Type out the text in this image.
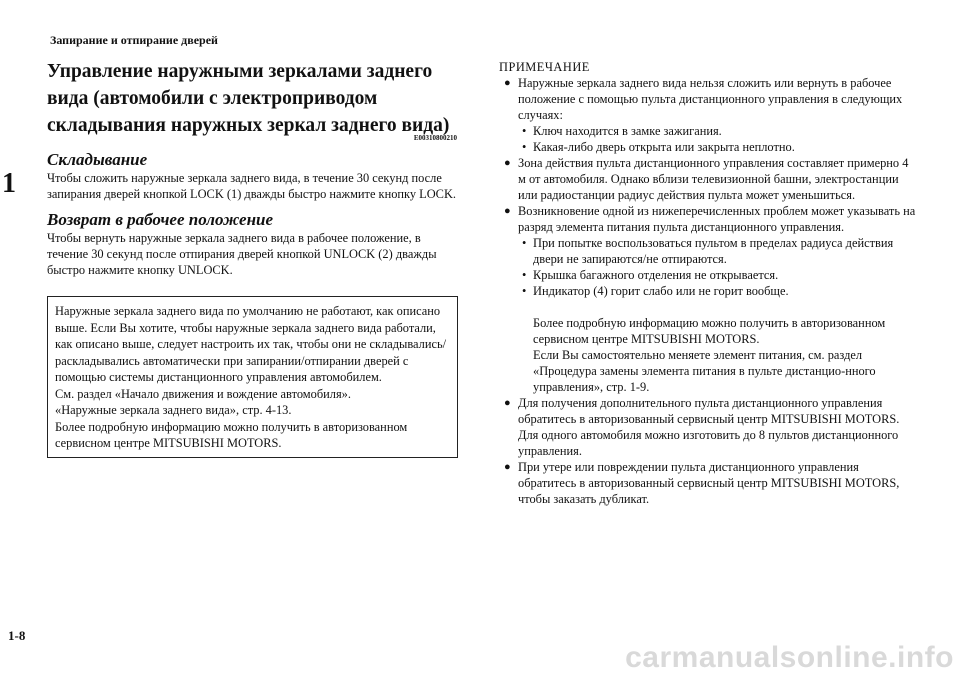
Запирание и отпирание дверей
1
1-8
Управление наружными зеркалами заднего вида (автомобили с электроприводом складывания наружных зеркал заднего вида)
E00310800210
Складывание
Чтобы сложить наружные зеркала заднего вида, в течение 30 секунд после запирания дверей кнопкой LOCK (1) дважды быстро нажмите кнопку LOCK.
Возврат в рабочее положение
Чтобы вернуть наружные зеркала заднего вида в рабочее положение, в течение 30 секунд после отпирания дверей кнопкой UNLOCK (2) дважды быстро нажмите кнопку UNLOCK.
Наружные зеркала заднего вида по умолчанию не работают, как описано выше. Если Вы хотите, чтобы наружные зеркала заднего вида работали, как описано выше, следует настроить их так, чтобы они не складывались/раскладывались автоматически при запирании/отпирании дверей с помощью системы дистанционного управления автомобилем.
См. раздел «Начало движения и вождение автомобиля».
«Наружные зеркала заднего вида», стр. 4-13.
Более подробную информацию можно получить в авторизованном сервисном центре MITSUBISHI MOTORS.
ПРИМЕЧАНИЕ
● Наружные зеркала заднего вида нельзя сложить или вернуть в рабочее положение с помощью пульта дистанционного управления в следующих случаях:
• Ключ находится в замке зажигания.
• Какая-либо дверь открыта или закрыта неплотно.
● Зона действия пульта дистанционного управления составляет примерно 4 м от автомобиля. Однако вблизи телевизионной башни, электростанции или радиостанции радиус действия пульта может уменьшиться.
● Возникновение одной из нижеперечисленных проблем может указывать на разряд элемента питания пульта дистанционного управления.
• При попытке воспользоваться пультом в пределах радиуса действия двери не запираются/не отпираются.
• Крышка багажного отделения не открывается.
• Индикатор (4) горит слабо или не горит вообще.
Более подробную информацию можно получить в авторизованном сервисном центре MITSUBISHI MOTORS.
Если Вы самостоятельно меняете элемент питания, см. раздел «Процедура замены элемента питания в пульте дистанцио-нного управления», стр. 1-9.
● Для получения дополнительного пульта дистанционного управления обратитесь в авторизованный сервисный центр MITSUBISHI MOTORS.
Для одного автомобиля можно изготовить до 8 пультов дистанционного управления.
● При утере или повреждении пульта дистанционного управления обратитесь в авторизованный сервисный центр MITSUBISHI MOTORS, чтобы заказать дубликат.
carmanualsonline.info
